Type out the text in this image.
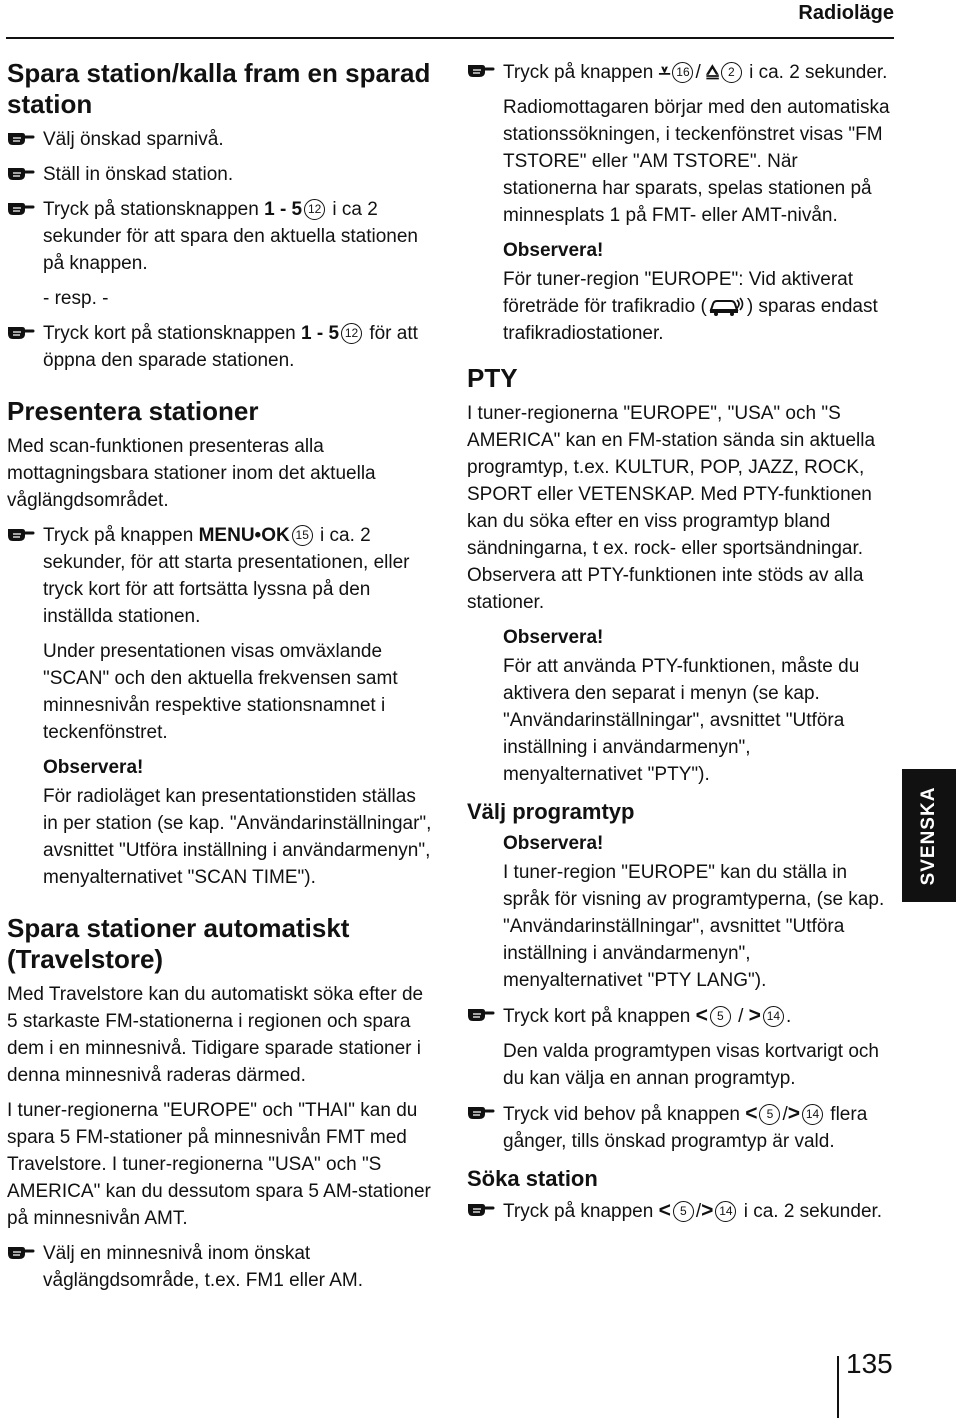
Radioläge
Spara station/kalla fram en sparad station
Välj önskad sparnivå.
Ställ in önskad station.
Tryck på stationsknappen 1 - 5 12 i ca 2 sekunder för att spara den aktuella stationen på knappen.

- resp. -

Tryck kort på stationsknappen 1 - 5 12 för att öppna den sparade stationen.
Presentera stationer

Med scan-funktionen presenteras alla mottagningsbara stationer inom det aktuella våglängdsområdet.

Tryck på knappen MENU•OK 15 i ca. 2 sekunder, för att starta presentationen, eller tryck kort för att fortsätta lyssna på den inställda stationen.

Under presentationen visas omväxlande "SCAN" och den aktuella frekvensen samt minnesnivån respektive stationsnamnet i teckenfönstret.

Observera!

För radioläget kan presentationstiden ställas in per station (se kap. "Användarinställningar", avsnittet "Utföra inställning i användarmenyn", menyalternativet "SCAN TIME").

Spara stationer automatiskt (Travelstore)

Med Travelstore kan du automatiskt söka efter de 5 starkaste FM-stationerna i regionen och spara dem i en minnesnivå. Tidigare sparade stationer i denna minnesnivå raderas därmed.

I tuner-regionerna "EUROPE" och "THAI" kan du spara 5 FM-stationer på minnesnivån FMT med Travelstore. I tuner-regionerna "USA" och "S AMERICA" kan du dessutom spara 5 AM-stationer på minnesnivån AMT.

Välj en minnesnivå inom önskat våglängdsområde, t.ex. FM1 eller AM.
Tryck på knappen ⩡ 16 / ⩠ 2 i ca. 2 sekunder.

Radiomottagaren börjar med den automatiska stationssökningen, i teckenfönstret visas "FM TSTORE" eller "AM TSTORE". När stationerna har sparats, spelas stationen på minnesplats 1 på FMT- eller AMT-nivån.

Observera!

För tuner-region "EUROPE": Vid aktiverat företräde för trafikradio ( ) sparas endast trafikradiostationer.

PTY

I tuner-regionerna "EUROPE", "USA" och "S AMERICA" kan en FM-station sända sin aktuella programtyp, t.ex. KULTUR, POP, JAZZ, ROCK, SPORT eller VETENSKAP. Med PTY-funktionen kan du söka efter en viss programtyp bland sändningarna, t ex. rock- eller sportsändningar. Observera att PTY-funktionen inte stöds av alla stationer.

Observera!

För att använda PTY-funktionen, måste du aktivera den separat i menyn (se kap. "Användarinställningar", avsnittet "Utföra inställning i användarmenyn", menyalternativet "PTY").

Välj programtyp

Observera!

I tuner-region "EUROPE" kan du ställa in språk för visning av programtyperna, (se kap. "Användarinställningar", avsnittet "Utföra inställning i användarmenyn", menyalternativet "PTY LANG").

Tryck kort på knappen < 5 / > 14 .

Den valda programtypen visas kortvarigt och du kan välja en annan programtyp.

Tryck vid behov på knappen < 5 /> 14 flera gånger, tills önskad programtyp är vald.
Söka station
Tryck på knappen < 5 /> 14 i ca. 2 sekunder.
SVENSKA
135
